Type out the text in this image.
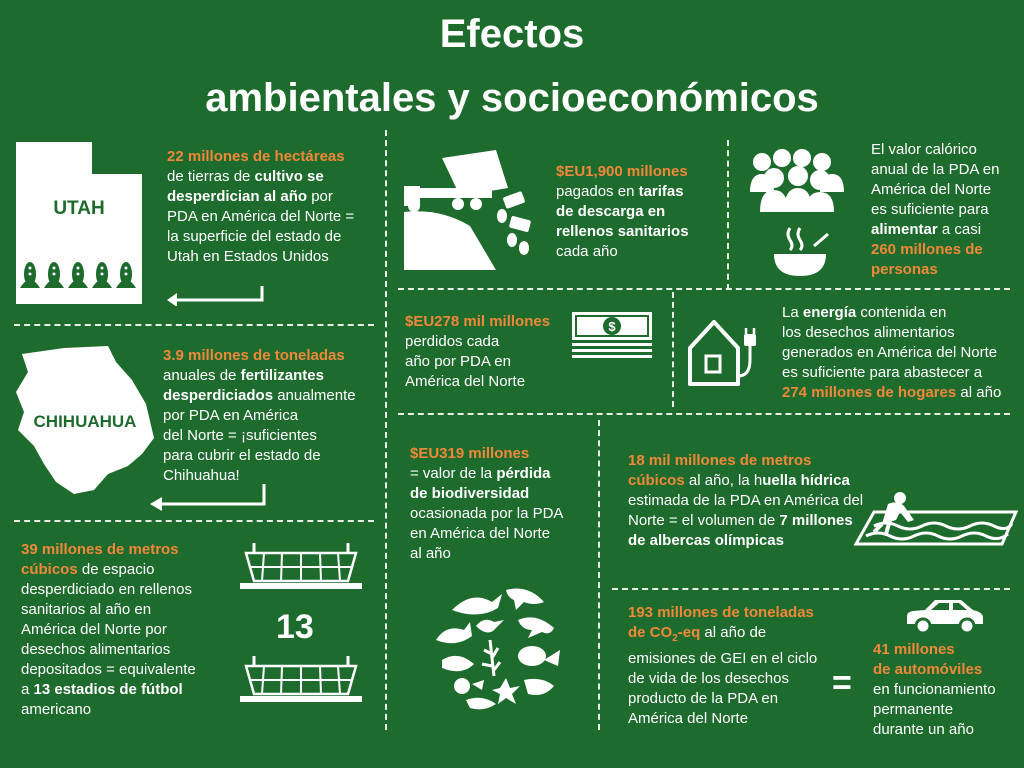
Efectos
ambientales y socioeconómicos
UTAH
22 millones de hectáreas
de tierras de cultivo se
desperdician al año por
PDA en América del Norte =
la superficie del estado de
Utah en Estados Unidos
CHIHUAHUA
3.9 millones de toneladas
anuales de fertilizantes
desperdiciados anualmente
por PDA en América
del Norte = ¡suficientes
para cubrir el estado de
Chihuahua!
39 millones de metros
cúbicos de espacio
desperdiciado en rellenos
sanitarios al año en
América del Norte por
desechos alimentarios
depositados = equivalente
a 13 estadios de fútbol
americano
13
$EU1,900 millones
pagados en tarifas
de descarga en
rellenos sanitarios
cada año
El valor calórico
anual de la PDA en
América del Norte
es suficiente para
alimentar a casi
260 millones de
personas
$EU278 mil millones
perdidos cada
año por PDA en
América del Norte
$
La energía contenida en
los desechos alimentarios
generados en América del Norte
es suficiente para abastecer a
274 millones de hogares al año
$EU319 millones
= valor de la pérdida
de biodiversidad
ocasionada por la PDA
en América del Norte
al año
18 mil millones de metros
cúbicos al año, la huella hídrica
estimada de la PDA en América del
Norte = el volumen de 7 millones
de albercas olímpicas
193 millones de toneladas
de $CO_2-eq$ al año de
emisiones de GEI en el ciclo
de vida de los desechos
producto de la PDA en
América del Norte
=
41 millones
de automóviles
en funcionamiento
permanente
durante un año
